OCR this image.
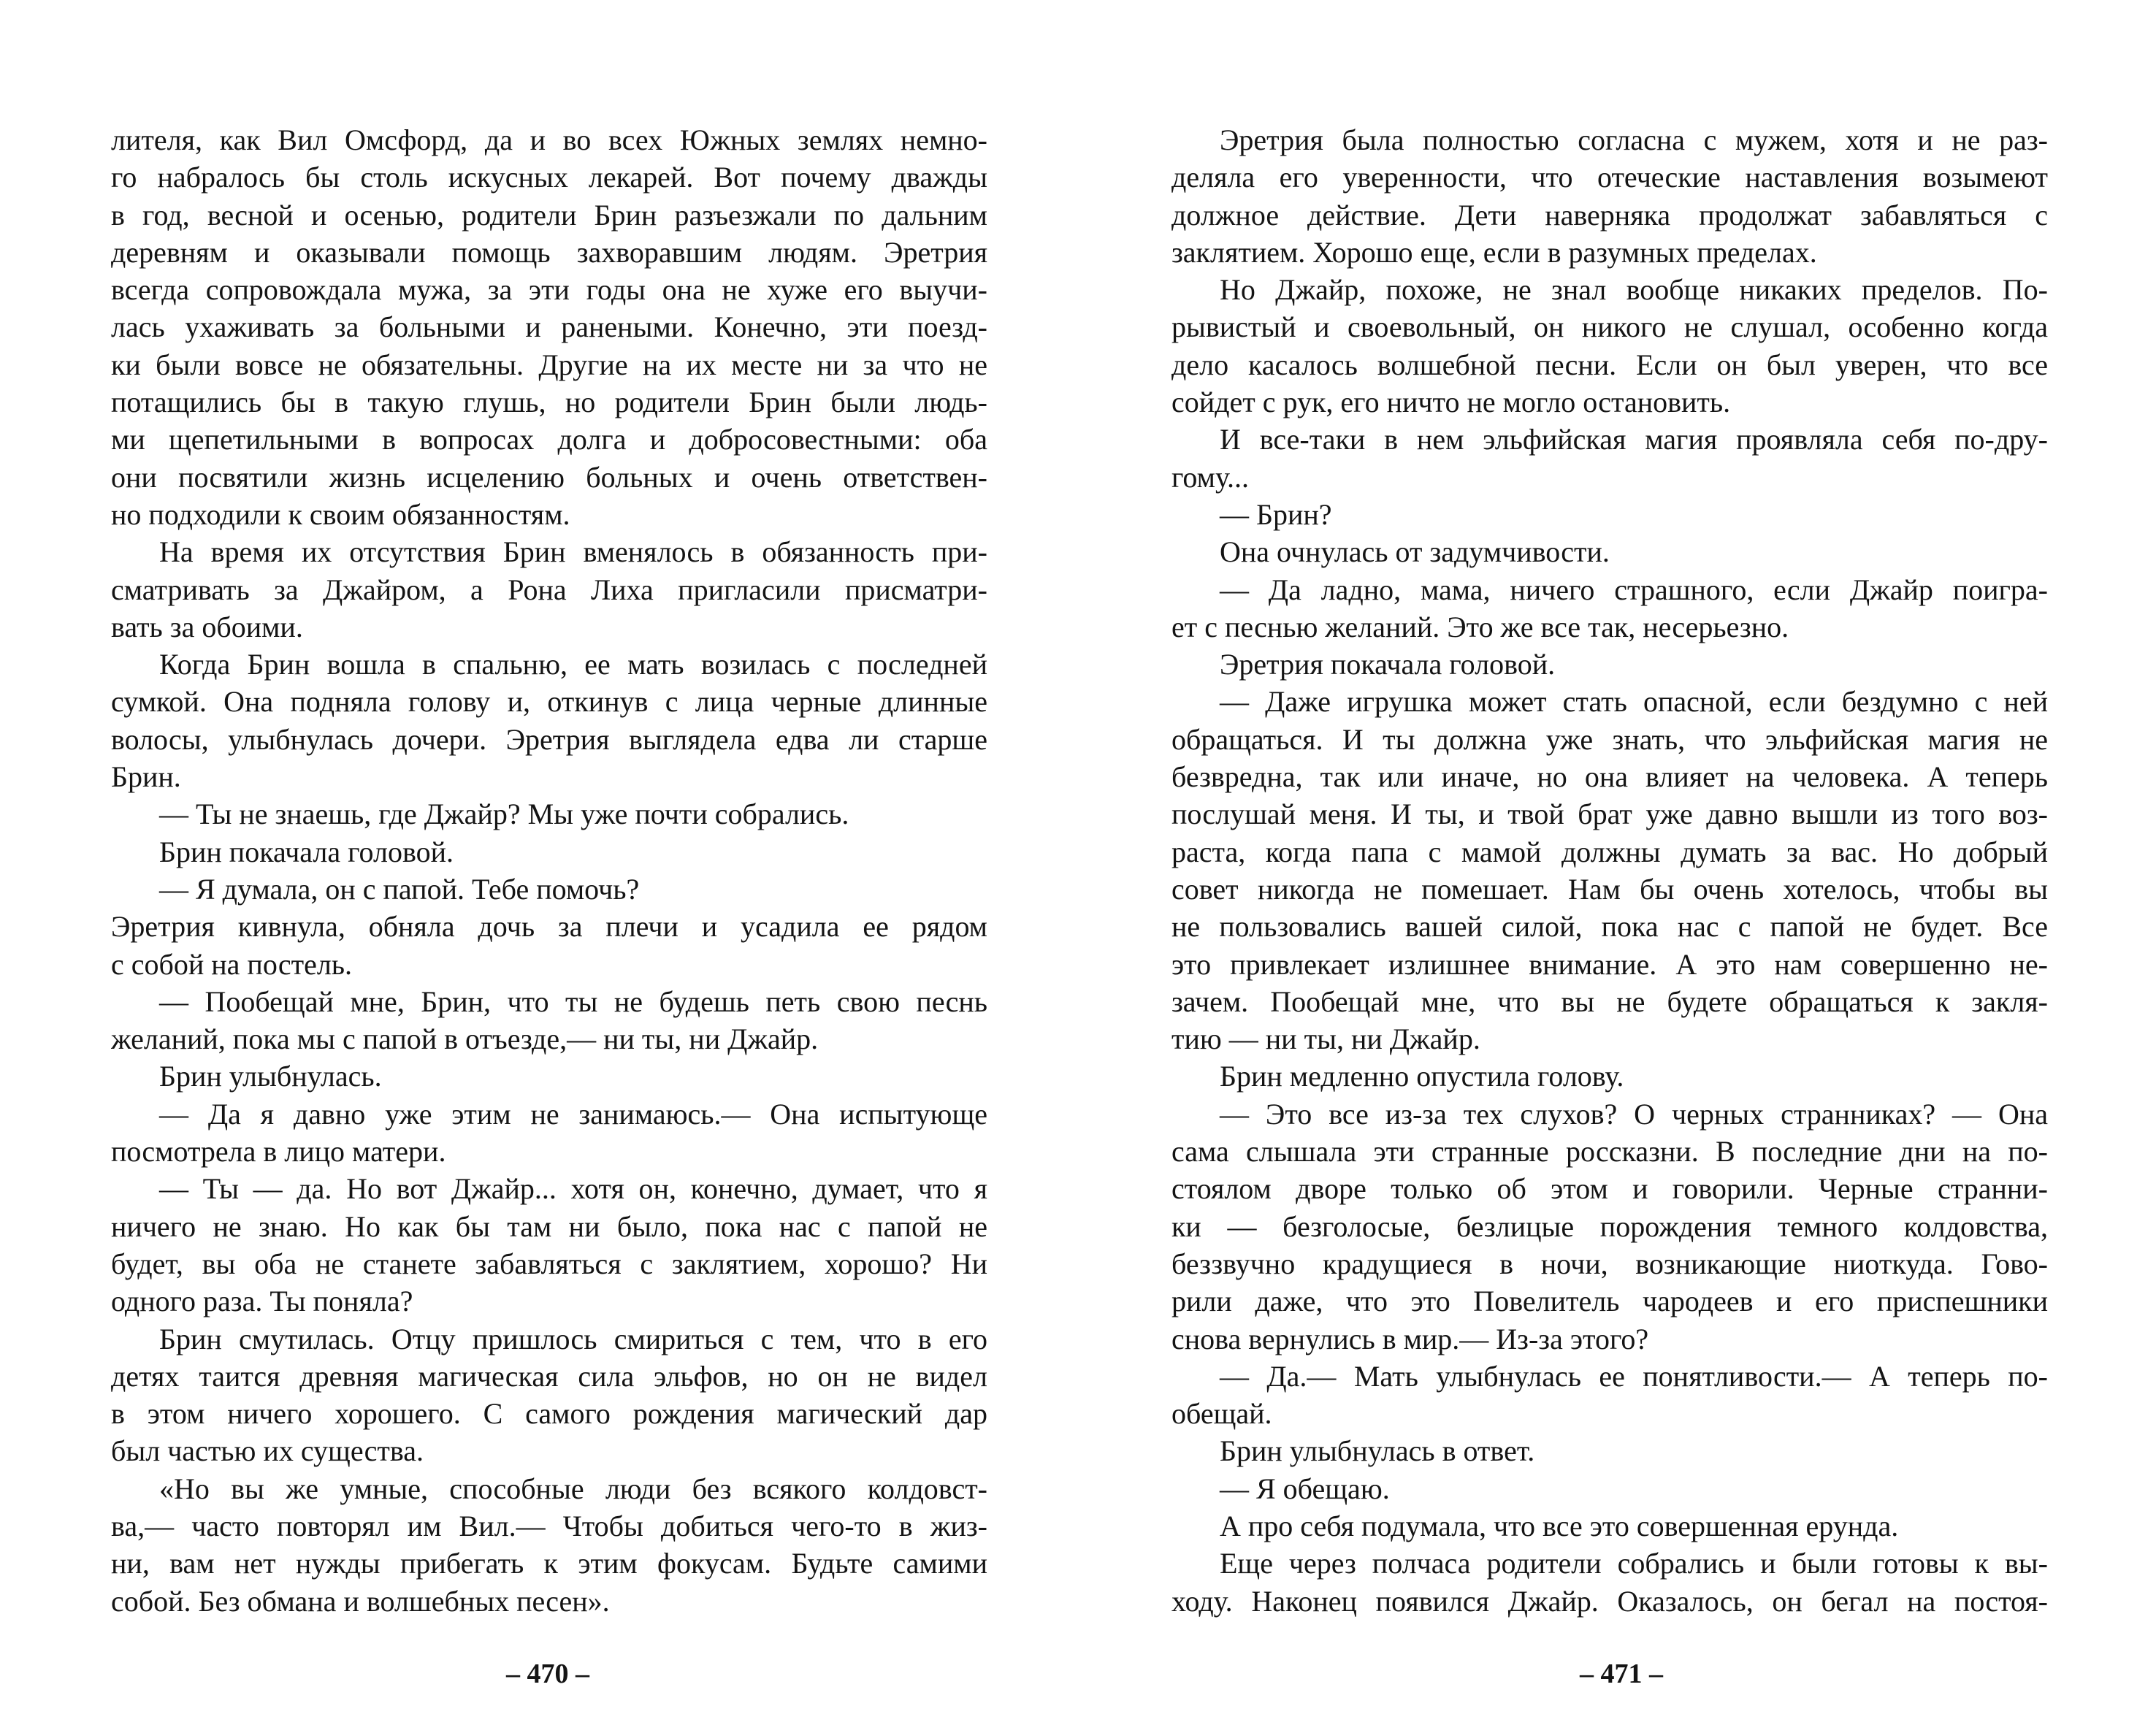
лителя, как Вил Омсфорд, да и во всех Южных землях немно-
го набралось бы столь искусных лекарей. Вот почему дважды
в год, весной и осенью, родители Брин разъезжали по дальним
деревням и оказывали помощь захворавшим людям. Эретрия
всегда сопровождала мужа, за эти годы она не хуже его выучи-
лась ухаживать за больными и ранеными. Конечно, эти поезд-
ки были вовсе не обязательны. Другие на их месте ни за что не
потащились бы в такую глушь, но родители Брин были людь-
ми щепетильными в вопросах долга и добросовестными: оба
они посвятили жизнь исцелению больных и очень ответствен-
но подходили к своим обязанностям.
На время их отсутствия Брин вменялось в обязанность при-
сматривать за Джайром, а Рона Лиха пригласили присматри-
вать за обоими.
Когда Брин вошла в спальню, ее мать возилась с последней
сумкой. Она подняла голову и, откинув с лица черные длинные
волосы, улыбнулась дочери. Эретрия выглядела едва ли старше
Брин.
— Ты не знаешь, где Джайр? Мы уже почти собрались.
Брин покачала головой.
— Я думала, он с папой. Тебе помочь?
Эретрия кивнула, обняла дочь за плечи и усадила ее рядом
с собой на постель.
— Пообещай мне, Брин, что ты не будешь петь свою песнь
желаний, пока мы с папой в отъезде,— ни ты, ни Джайр.
Брин улыбнулась.
— Да я давно уже этим не занимаюсь.— Она испытующе
посмотрела в лицо матери.
— Ты — да. Но вот Джайр... хотя он, конечно, думает, что я
ничего не знаю. Но как бы там ни было, пока нас с папой не
будет, вы оба не станете забавляться с заклятием, хорошо? Ни
одного раза. Ты поняла?
Брин смутилась. Отцу пришлось смириться с тем, что в его
детях таится древняя магическая сила эльфов, но он не видел
в этом ничего хорошего. С самого рождения магический дар
был частью их существа.
«Но вы же умные, способные люди без всякого колдовст-
ва,— часто повторял им Вил.— Чтобы добиться чего-то в жиз-
ни, вам нет нужды прибегать к этим фокусам. Будьте самими
собой. Без обмана и волшебных песен».
Эретрия была полностью согласна с мужем, хотя и не раз-
деляла его уверенности, что отеческие наставления возымеют
должное действие. Дети наверняка продолжат забавляться с
заклятием. Хорошо еще, если в разумных пределах.
Но Джайр, похоже, не знал вообще никаких пределов. По-
рывистый и своевольный, он никого не слушал, особенно когда
дело касалось волшебной песни. Если он был уверен, что все
сойдет с рук, его ничто не могло остановить.
И все-таки в нем эльфийская магия проявляла себя по-дру-
гому...
— Брин?
Она очнулась от задумчивости.
— Да ладно, мама, ничего страшного, если Джайр поигра-
ет с песнью желаний. Это же все так, несерьезно.
Эретрия покачала головой.
— Даже игрушка может стать опасной, если бездумно с ней
обращаться. И ты должна уже знать, что эльфийская магия не
безвредна, так или иначе, но она влияет на человека. А теперь
послушай меня. И ты, и твой брат уже давно вышли из того воз-
раста, когда папа с мамой должны думать за вас. Но добрый
совет никогда не помешает. Нам бы очень хотелось, чтобы вы
не пользовались вашей силой, пока нас с папой не будет. Все
это привлекает излишнее внимание. А это нам совершенно не-
зачем. Пообещай мне, что вы не будете обращаться к закля-
тию — ни ты, ни Джайр.
Брин медленно опустила голову.
— Это все из-за тех слухов? О черных странниках? — Она
сама слышала эти странные россказни. В последние дни на по-
стоялом дворе только об этом и говорили. Черные странни-
ки — безголосые, безлицые порождения темного колдовства,
беззвучно крадущиеся в ночи, возникающие ниоткуда. Гово-
рили даже, что это Повелитель чародеев и его приспешники
снова вернулись в мир.— Из-за этого?
— Да.— Мать улыбнулась ее понятливости.— А теперь по-
обещай.
Брин улыбнулась в ответ.
— Я обещаю.
А про себя подумала, что все это совершенная ерунда.
Еще через полчаса родители собрались и были готовы к вы-
ходу. Наконец появился Джайр. Оказалось, он бегал на постоя-
– 470 –	– 471 –
